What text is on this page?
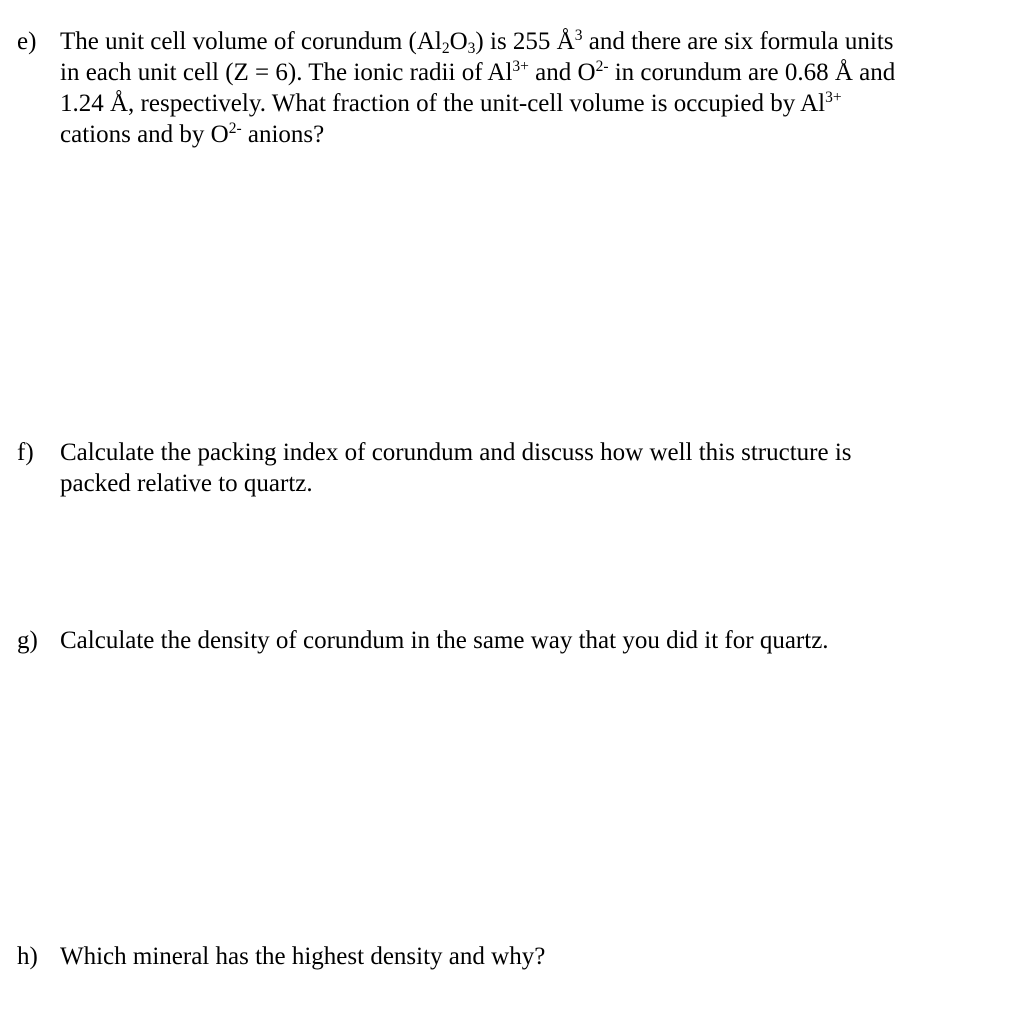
e) The unit cell volume of corundum $(Al_2O_3)$ is 255 $Å^3$ and there are six formula units
in each unit cell (Z = 6). The ionic radii of $Al^{3+}$ and $O^{2-}$ in corundum are 0.68 Å and
1.24 Å, respectively. What fraction of the unit-cell volume is occupied by $Al^{3+}$
cations and by $O^{2-}$ anions?
f) Calculate the packing index of corundum and discuss how well this structure is
packed relative to quartz.
g) Calculate the density of corundum in the same way that you did it for quartz.
h) Which mineral has the highest density and why?
